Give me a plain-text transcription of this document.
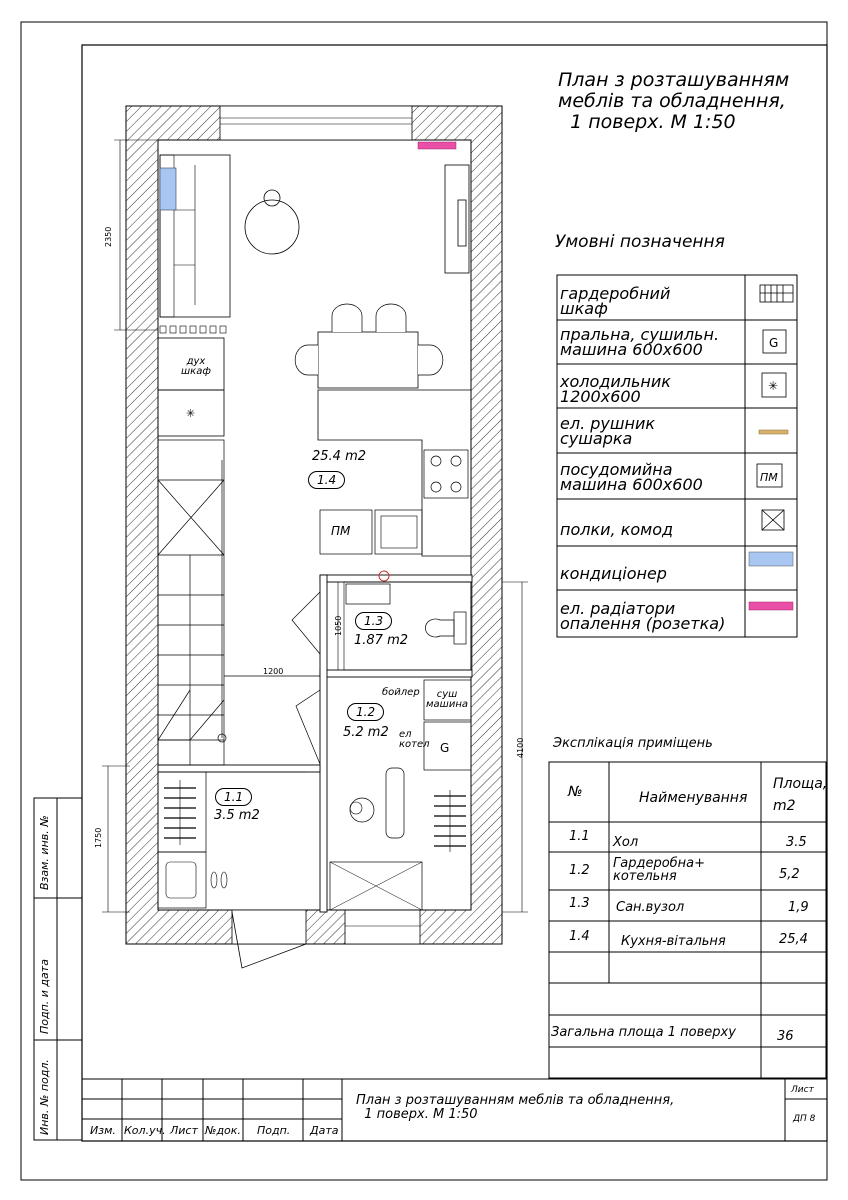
G
✳
ПМ
✳
G
План з розташуванням
меблів та обладнення,
1 поверх. М 1:50
Умовні позначення
гардеробний
шкаф
пральна, сушильн.
машина 600х600
холодильник
1200х600
ел. рушник
сушарка
посудомийна
машина 600х600
полки, комод
кондиціонер
ел. радіатори
опалення (розетка)
Эксплікація приміщень
№	Найменування
Площа,
m2
1.1 Хол	3.5
1.2 Гардеробна+
котельня	5,2
1.3 Сан.вузол	1,9
1.4 Кухня-вітальня	25,4
Загальна площа 1 поверху	36
25.4 m2
1.4
1.3
1.87 m2
1.2
5.2 m2
1.1
3.5 m2
дух
шкаф
ПМ
бойлер	суш
машина
ел
котел
2350
1050
1200
4100
1750
План з розташуванням меблів та обладнення,
1 поверх. М 1:50
Лист
ДП 8
Изм. Кол.уч. Лист №док. Подп. Дата
Взам. инв. №
Подп. и дата
Инв. № подл.
